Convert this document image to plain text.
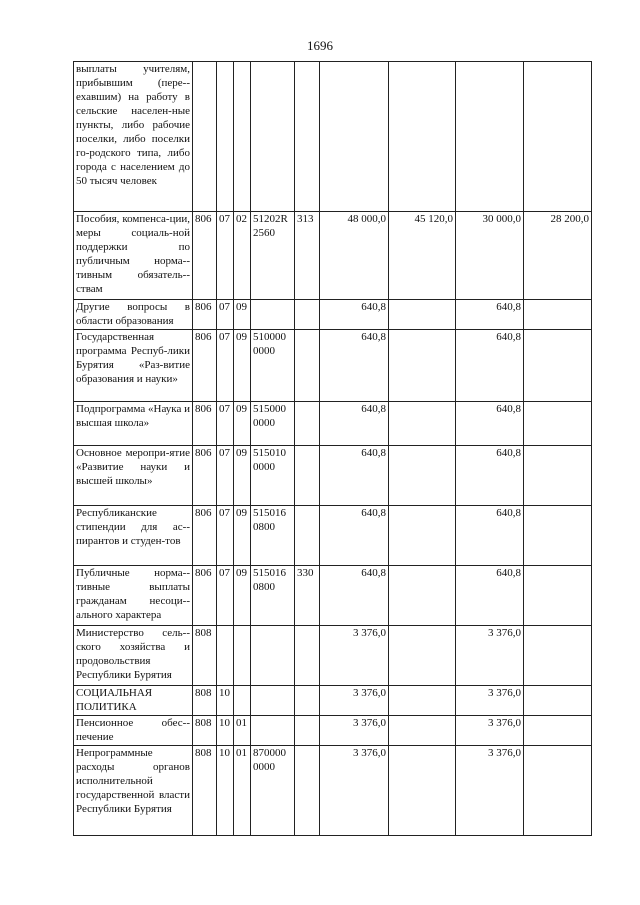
1696
выплаты учителям, прибывшим (пере-ехавшим) на работу в сельские населен-ные пункты, либо рабочие поселки, либо поселки го-родского типа, либо города с населением до 50 тысяч человек									
Пособия, компенса-ции, меры социаль-ной поддержки по публичным норма-тивным обязатель-ствам	806	07	02	51202R 2560	313	48 000,0	45 120,0	30 000,0	28 200,0
Другие вопросы в области образования	806	07	09			640,8		640,8	
Государственная программа Респуб-лики Бурятия «Раз-витие образования и науки»	806	07	09	510000 0000		640,8		640,8	
Подпрограмма «Наука и высшая школа»	806	07	09	515000 0000		640,8		640,8	
Основное меропри-ятие «Развитие науки и высшей школы»	806	07	09	515010 0000		640,8		640,8	
Республиканские стипендии для ас-пирантов и студен-тов	806	07	09	515016 0800		640,8		640,8	
Публичные норма-тивные выплаты гражданам несоци-ального характера	806	07	09	515016 0800	330	640,8		640,8	
Министерство сель-ского хозяйства и продовольствия Республики Бурятия	808					3 376,0		3 376,0	
СОЦИАЛЬНАЯ ПОЛИТИКА	808	10				3 376,0		3 376,0	
Пенсионное обес-печение	808	10	01			3 376,0		3 376,0	
Непрограммные расходы органов исполнительной государственной власти Республики Бурятия	808	10	01	870000 0000		3 376,0		3 376,0	
